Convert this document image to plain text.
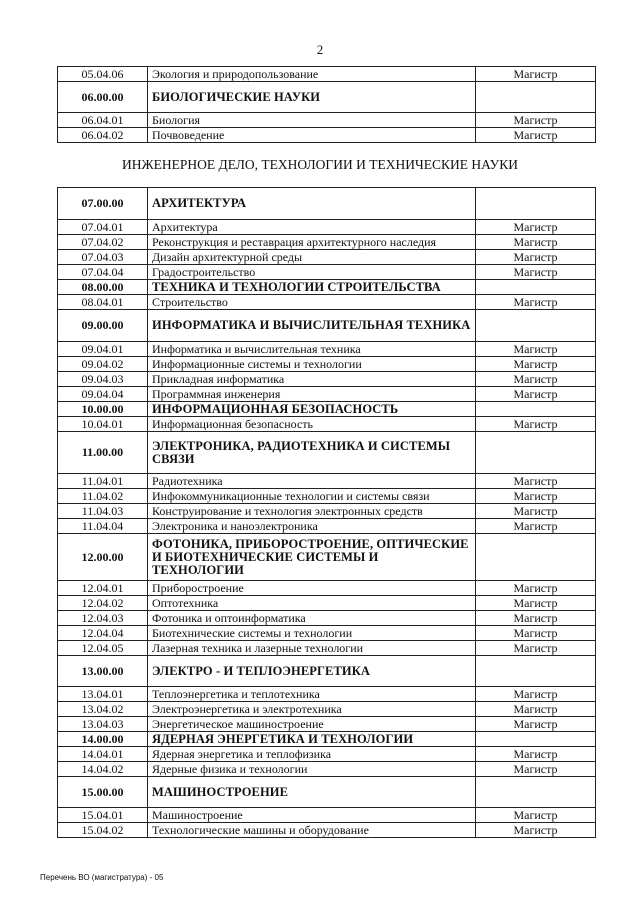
2
05.04.06	Экология и природопользование	Магистр
06.00.00	БИОЛОГИЧЕСКИЕ НАУКИ	
06.04.01	Биология	Магистр
06.04.02	Почвоведение	Магистр
ИНЖЕНЕРНОЕ ДЕЛО, ТЕХНОЛОГИИ И ТЕХНИЧЕСКИЕ НАУКИ
07.00.00	АРХИТЕКТУРА	
07.04.01	Архитектура	Магистр
07.04.02	Реконструкция и реставрация архитектурного наследия	Магистр
07.04.03	Дизайн архитектурной среды	Магистр
07.04.04	Градостроительство	Магистр
08.00.00	ТЕХНИКА И ТЕХНОЛОГИИ СТРОИТЕЛЬСТВА	
08.04.01	Строительство	Магистр
09.00.00	ИНФОРМАТИКА И ВЫЧИСЛИТЕЛЬНАЯ ТЕХНИКА	
09.04.01	Информатика и вычислительная техника	Магистр
09.04.02	Информационные системы и технологии	Магистр
09.04.03	Прикладная информатика	Магистр
09.04.04	Программная инженерия	Магистр
10.00.00	ИНФОРМАЦИОННАЯ БЕЗОПАСНОСТЬ	
10.04.01	Информационная безопасность	Магистр
11.00.00	ЭЛЕКТРОНИКА, РАДИОТЕХНИКА И СИСТЕМЫ СВЯЗИ	
11.04.01	Радиотехника	Магистр
11.04.02	Инфокоммуникационные технологии и системы связи	Магистр
11.04.03	Конструирование и технология электронных средств	Магистр
11.04.04	Электроника и наноэлектроника	Магистр
12.00.00	ФОТОНИКА, ПРИБОРОСТРОЕНИЕ, ОПТИЧЕСКИЕ И БИОТЕХНИЧЕСКИЕ СИСТЕМЫ И ТЕХНОЛОГИИ	
12.04.01	Приборостроение	Магистр
12.04.02	Оптотехника	Магистр
12.04.03	Фотоника и оптоинформатика	Магистр
12.04.04	Биотехнические системы и технологии	Магистр
12.04.05	Лазерная техника и лазерные технологии	Магистр
13.00.00	ЭЛЕКТРО - И ТЕПЛОЭНЕРГЕТИКА	
13.04.01	Теплоэнергетика и теплотехника	Магистр
13.04.02	Электроэнергетика и электротехника	Магистр
13.04.03	Энергетическое машиностроение	Магистр
14.00.00	ЯДЕРНАЯ ЭНЕРГЕТИКА И ТЕХНОЛОГИИ	
14.04.01	Ядерная энергетика и теплофизика	Магистр
14.04.02	Ядерные физика и технологии	Магистр
15.00.00	МАШИНОСТРОЕНИЕ	
15.04.01	Машиностроение	Магистр
15.04.02	Технологические машины и оборудование	Магистр
Перечень ВО (магистратура) - 05
